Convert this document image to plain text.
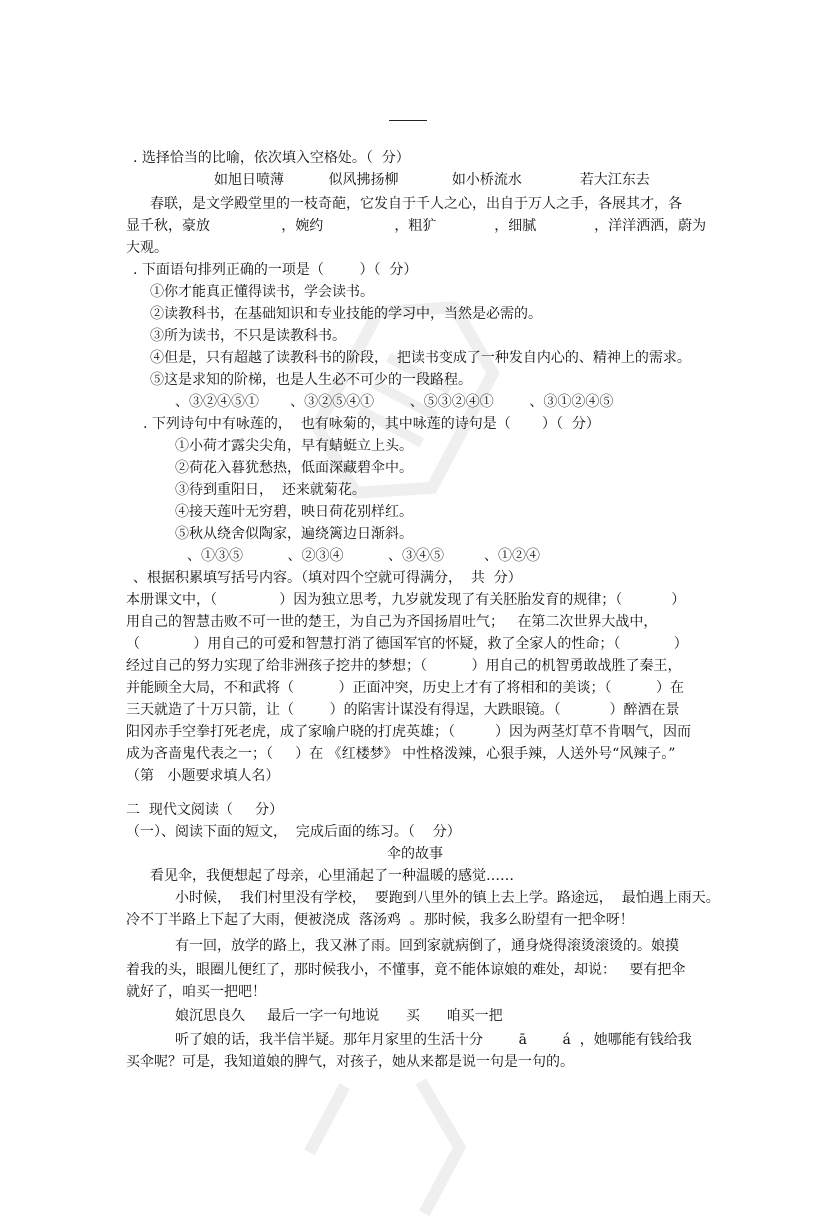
. 选择恰当的比喻，依次填入空格处。（  分）
如旭日喷薄          似风拂扬柳            如小桥流水             若大江东去
春联，是文学殿堂里的一枝奇葩，它发自于千人之心，出自于万人之手，各展其才，各
显千秋，豪放                ，婉约                ，粗犷             ，细腻             ，洋洋洒洒，蔚为
大观。
. 下面语句排列正确的一项是（        ）（  分）
①你才能真正懂得读书，学会读书。
②读教科书，在基础知识和专业技能的学习中，当然是必需的。
③所为读书，不只是读教科书。
④但是，只有超越了读教科书的阶段，  把读书变成了一种发自内心的、精神上的需求。
⑤这是求知的阶梯，也是人生必不可少的一段路程。
、③②④⑤①       、③②⑤④①        、⑤③②④①        、③①②④⑤
. 下列诗句中有咏莲的，  也有咏菊的，其中咏莲的诗句是（       ）（  分）
①小荷才露尖尖角，早有蜻蜓立上头。
②荷花入暮犹愁热，低面深藏碧伞中。
③待到重阳日，  还来就菊花。
④接天莲叶无穷碧，映日荷花别样红。
⑤秋从绕舍似陶家，遍绕篱边日渐斜。
、①③⑤          、②③④          、③④⑤         、①②④
、根据积累填写括号内容。（填对四个空就可得满分，  共  分）
本册课文中，（              ）因为独立思考，九岁就发现了有关胚胎发育的规律；（           ）
用自己的智慧击败不可一世的楚王，为自己为齐国扬眉吐气；   在第二次世界大战中，
（            ）用自己的可爱和智慧打消了德国军官的怀疑，救了全家人的性命；（            ）
经过自己的努力实现了给非洲孩子挖井的梦想；（          ）用自己的机智勇敢战胜了秦王，
并能顾全大局，不和武将（          ）正面冲突，历史上才有了将相和的美谈；（          ）在
三天就造了十万只箭，让（        ）的陷害计谋没有得逞，大跌眼镜。（           ）醉酒在景
阳冈赤手空拳打死老虎，成了家喻户晓的打虎英雄；（         ）因为两茎灯草不肯咽气，因而
成为吝啬鬼代表之一；（     ）在 《红楼梦》 中性格泼辣，心狠手辣，人送外号“风辣子。”
（第   小题要求填人名）
二  现代文阅读（     分）
（一）、阅读下面的短文，  完成后面的练习。（    分）
伞的故事
看见伞，我便想起了母亲，心里涌起了一种温暖的感觉……
小时候，  我们村里没有学校，  要跑到八里外的镇上去上学。路途远，  最怕遇上雨天。
冷不丁半路上下起了大雨，便被浇成  落汤鸡  。那时候，我多么盼望有一把伞呀！
有一回，放学的路上，我又淋了雨。回到家就病倒了，通身烧得滚烫滚烫的。娘摸
着我的头，眼圈儿便红了，那时候我小，不懂事，竟不能体谅娘的难处，却说：   要有把伞
就好了，咱买一把吧！
娘沉思良久     最后一字一句地说      买      咱买一把
听了娘的话，我半信半疑。那年月家里的生活十分        ā        á  ，她哪能有钱给我
买伞呢？可是，我知道娘的脾气，对孩子，她从来都是说一句是一句的。
